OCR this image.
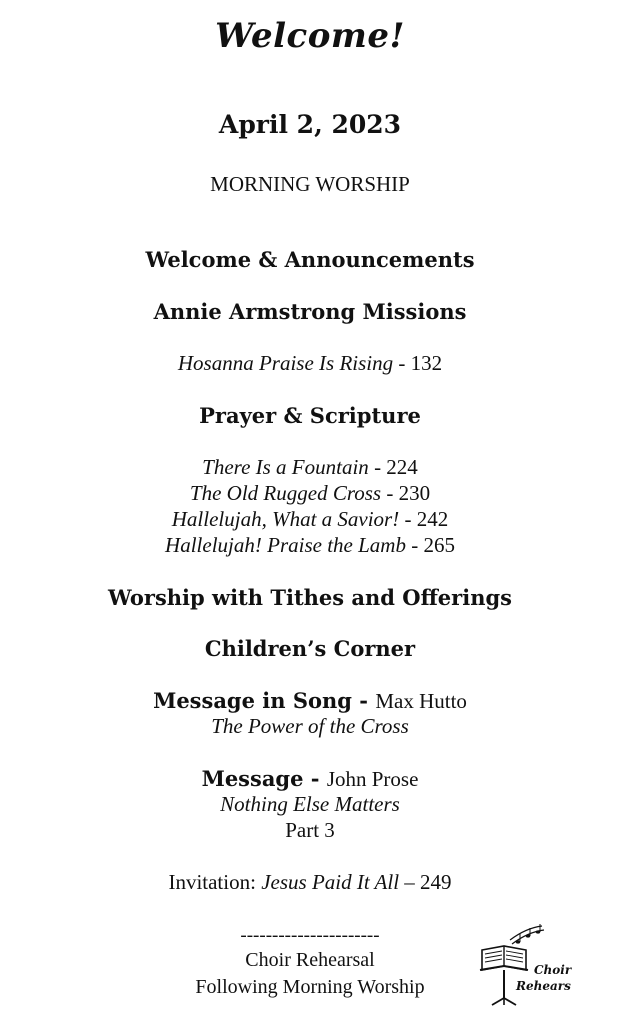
Welcome!
April 2, 2023
MORNING WORSHIP
Welcome & Announcements
Annie Armstrong Missions
Hosanna Praise Is Rising - 132
Prayer & Scripture
There Is a Fountain - 224
The Old Rugged Cross - 230
Hallelujah, What a Savior! - 242
Hallelujah! Praise the Lamb - 265
Worship with Tithes and Offerings
Children’s Corner
Message in Song - Max Hutto
The Power of the Cross
Message - John Prose
Nothing Else Matters
Part 3
Invitation: Jesus Paid It All – 249
----------------------
Choir Rehearsal
Following Morning Worship
Choir
Rehears
